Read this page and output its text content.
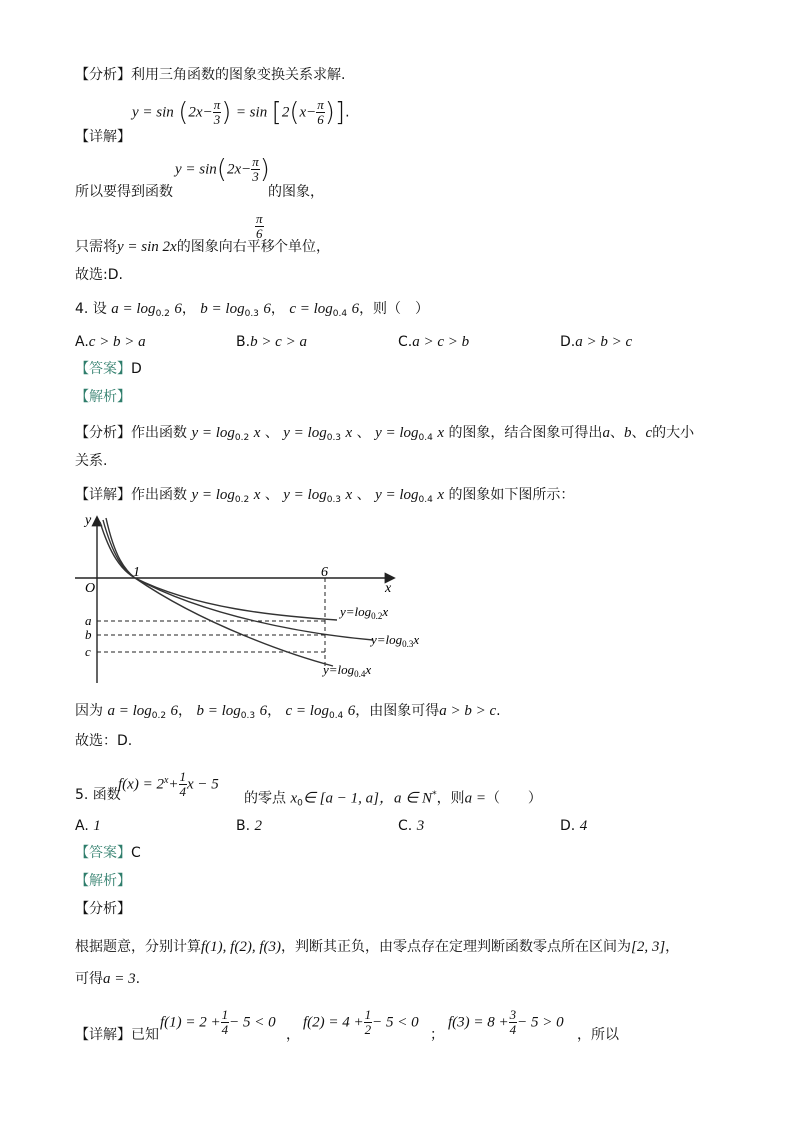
【分析】利用三角函数的图象变换关系求解.
$y = \sin (2x- \frac{\pi}{3}$ ) = $\sin [2(x- \frac{\pi}{6}$ )].
【详解】
$y = \sin(2x- \frac{\pi}{3}$ )
所以要得到函数	的图象，
只需将y = sin 2x的图象向右平移
$\frac{\pi}{6}$
个单位，
故选:D.
4. 设 $a = \log_{0.2} 6$， $b = \log_{0.3} 6$， $c = \log_{0.4} 6$，则（　）
A.c > b > a	B.b > c > a	C.a > c > b	D.a > b > c
【答案】D
【解析】
【分析】作出函数 $y = \log_{0.2} x$ 、 $y = \log_{0.3} x$ 、 $y = \log_{0.4} x$ 的图象，结合图象可得出a、b、c的大小
关系.
【详解】作出函数 $y = \log_{0.2} x$ 、 $y = \log_{0.3} x$ 、 $y = \log_{0.4} x$ 的图象如下图所示：
y
x
O
1	6
a
b
c
$y=\log_{0.2}x$
$y=\log_{0.3}x$
$y=\log_{0.4}x$
因为 $a = \log_{0.2} 6$， $b = \log_{0.3} 6$， $c = \log_{0.4} 6$，由图象可得a > b > c.
故选：D.
$f(x) = 2^x+ \frac{1}{4}$ x − 5
5. 函数	的零点 $x_0\in$ [a − 1, a]，a ∈ N*，则a =（　　）
A. 1	B. 2	C. 3	D. 4
【答案】C
【解析】
【分析】
根据题意，分别计算f(1), f(2), f(3)，判断其正负，由零点存在定理判断函数零点所在区间为[2, 3]，
可得a = 3.
【详解】已知
$f(1) = 2 + \frac{1}{4} - 5 < 0$
，
$f(2) = 4 + \frac{1}{2} - 5 < 0$
；
$f(3) = 8 + \frac{3}{4} - 5 > 0$
，所以
